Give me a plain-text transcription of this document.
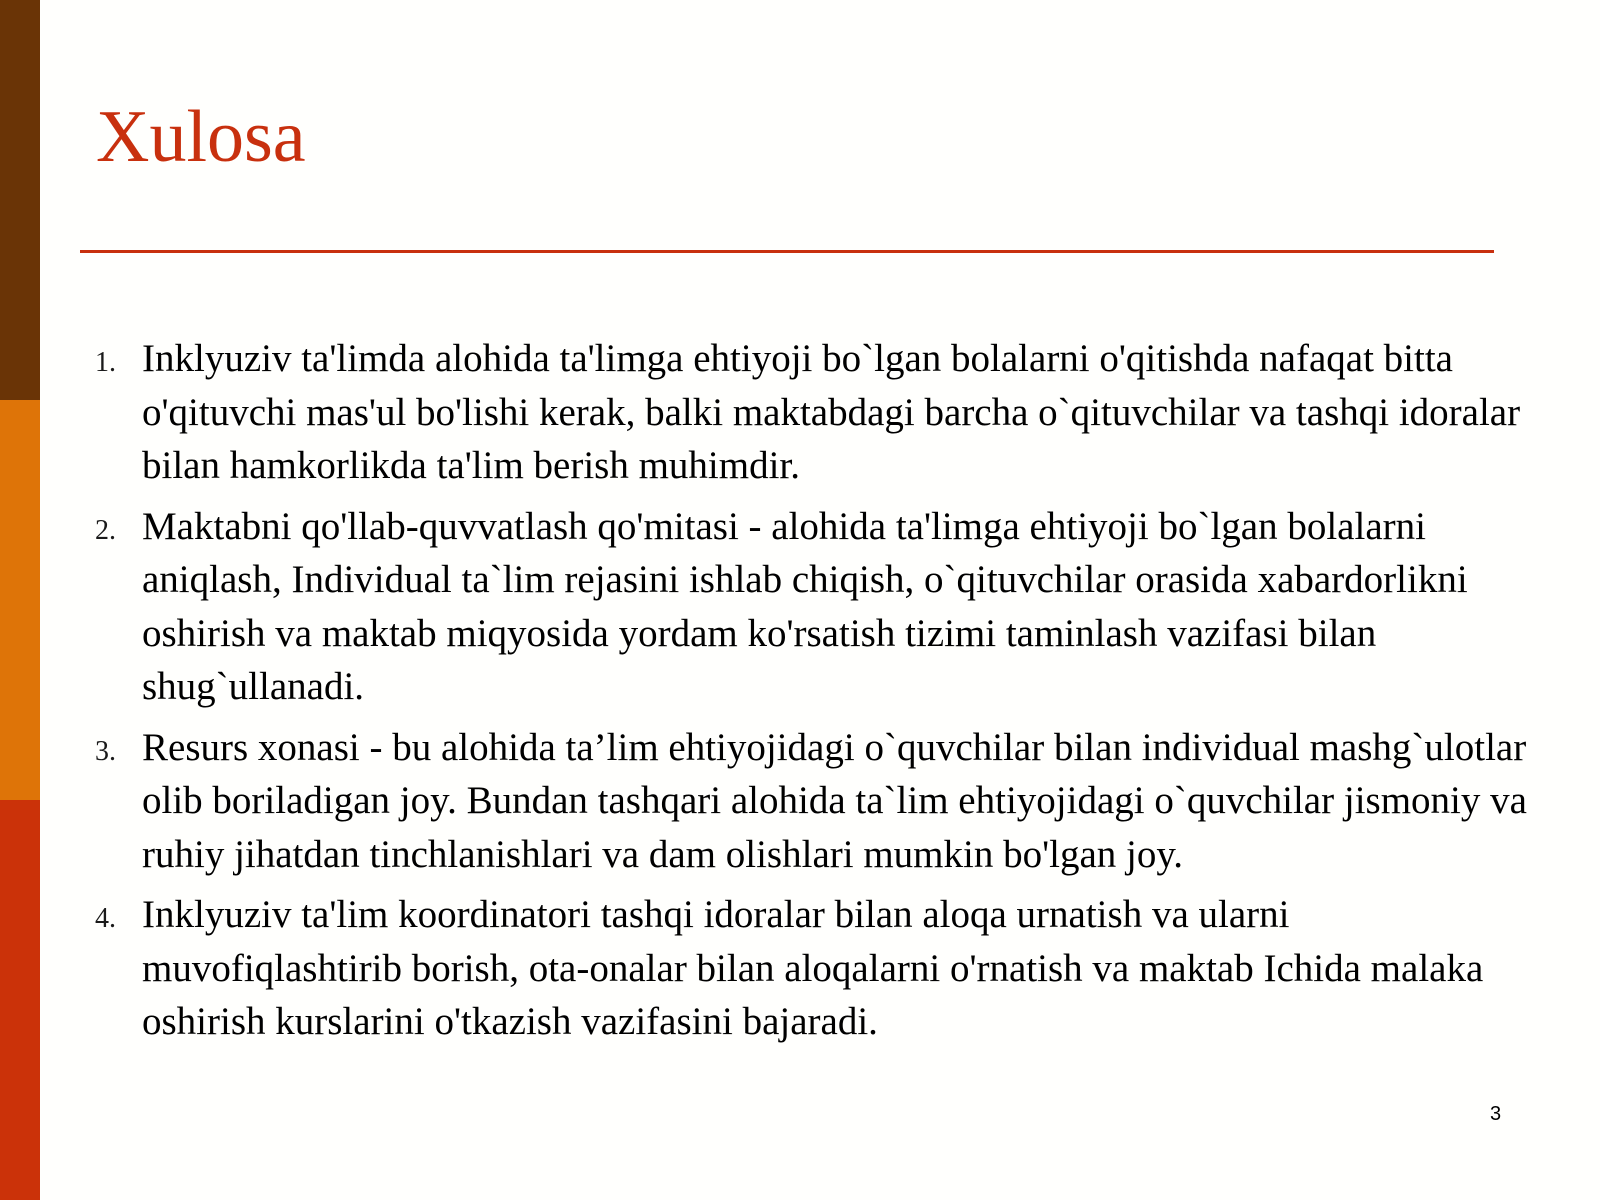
Xulosa
1. Inklyuziv ta'limda alohida ta'limga ehtiyoji bo`lgan bolalarni o'qitishda nafaqat bitta o'qituvchi mas'ul bo'lishi kerak, balki maktabdagi barcha o`qituvchilar va tashqi idoralar bilan hamkorlikda ta'lim berish muhimdir.
2. Maktabni qo'llab-quvvatlash qo'mitasi - alohida ta'limga ehtiyoji bo`lgan bolalarni aniqlash, Individual ta`lim rejasini ishlab chiqish, o`qituvchilar orasida xabardorlikni oshirish va maktab miqyosida yordam ko'rsatish tizimi taminlash vazifasi bilan shug`ullanadi.
3. Resurs xonasi - bu alohida ta’lim ehtiyojidagi o`quvchilar bilan individual mashg`ulotlar olib boriladigan joy. Bundan tashqari alohida ta`lim ehtiyojidagi o`quvchilar jismoniy va ruhiy jihatdan tinchlanishlari va dam olishlari mumkin bo'lgan joy.
4. Inklyuziv ta'lim koordinatori tashqi idoralar bilan aloqa urnatish va ularni muvofiqlashtirib borish, ota-onalar bilan aloqalarni o'rnatish va maktab Ichida malaka oshirish kurslarini o'tkazish vazifasini bajaradi.
3
